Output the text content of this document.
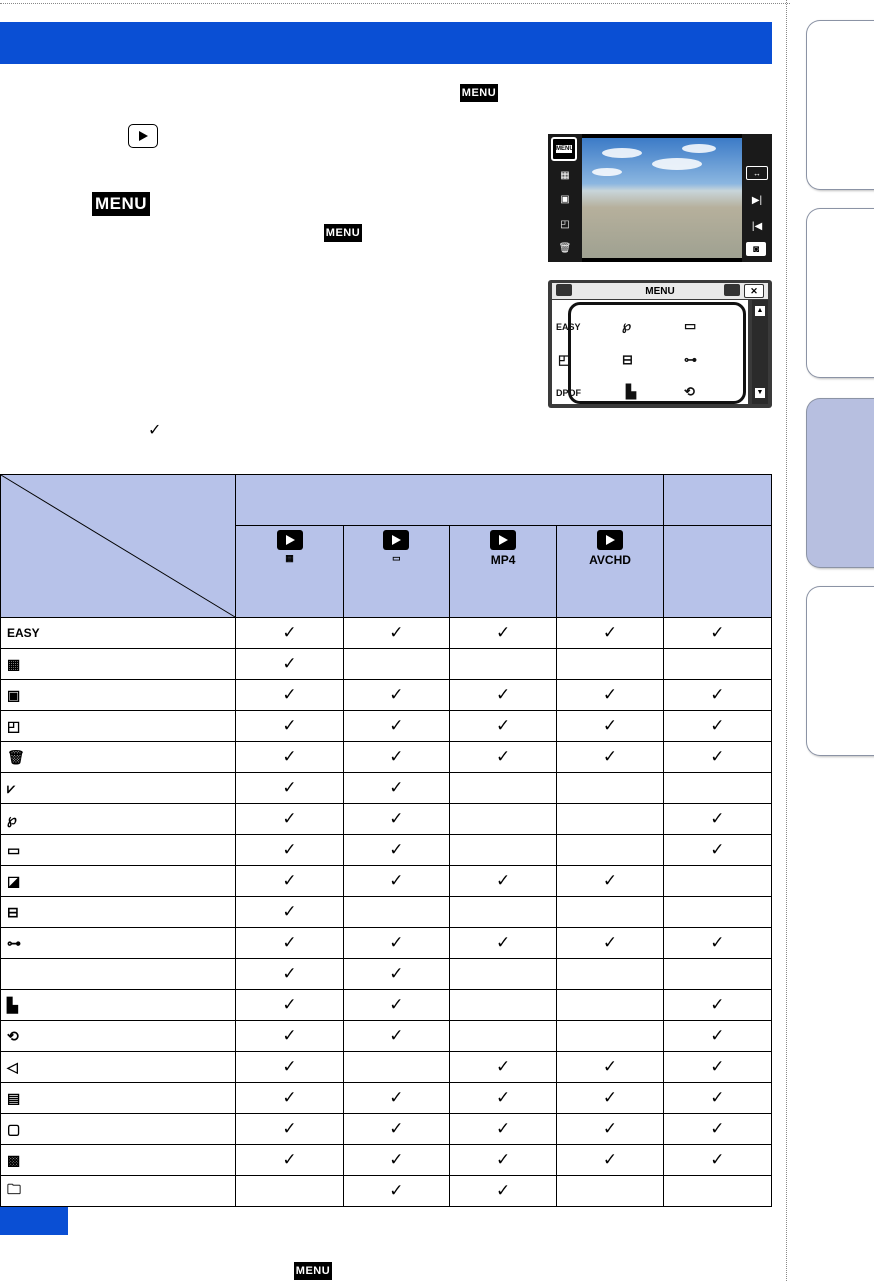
MENU
MENU
MENU
✓
MENU
▦
▣
◰
🗑
↔
▶|
|◀
◙
MENU	✕
EASY	℘	▭
◰	⊟	⊶
DPOF	▙	⟲
▲
▼

	▦	▭	MP4	AVCHD	

EASY	✓	✓	✓	✓	✓
▦	✓				
▣	✓	✓	✓	✓	✓
◰	✓	✓	✓	✓	✓
🗑	✓	✓	✓	✓	✓
⩗	✓	✓			
℘	✓	✓			✓
▭	✓	✓			✓
◪	✓	✓	✓	✓	
⊟	✓				
⊶	✓	✓	✓	✓	✓
	✓	✓			
▙	✓	✓			✓
⟲	✓	✓			✓
◁	✓		✓	✓	✓
▤	✓	✓	✓	✓	✓
▢	✓	✓	✓	✓	✓
▩	✓	✓	✓	✓	✓
🗀		✓	✓		
MENU
